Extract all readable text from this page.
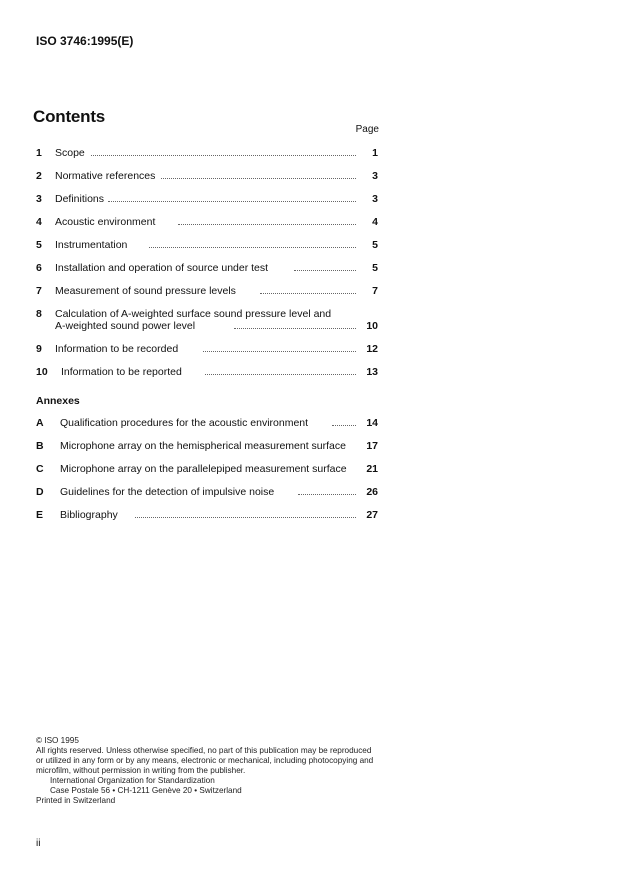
ISO 3746:1995(E)
Contents
Page
1 Scope	1
2 Normative references	3
3 Definitions	3
4 Acoustic environment	4
5 Instrumentation	5
6 Installation and operation of source under test	5
7 Measurement of sound pressure levels	7
8 Calculation of A-weighted surface sound pressure level and
A-weighted sound power level	10
9 Information to be recorded	12
10 Information to be reported	13
Annexes
A Qualification procedures for the acoustic environment	14
B Microphone array on the hemispherical measurement surface	17
C Microphone array on the parallelepiped measurement surface	21
D Guidelines for the detection of impulsive noise	26
E Bibliography	27
© ISO 1995
All rights reserved. Unless otherwise specified, no part of this publication may be reproduced
or utilized in any form or by any means, electronic or mechanical, including photocopying and
microfilm, without permission in writing from the publisher.
International Organization for Standardization
Case Postale 56 • CH-1211 Genève 20 • Switzerland
Printed in Switzerland
ii
